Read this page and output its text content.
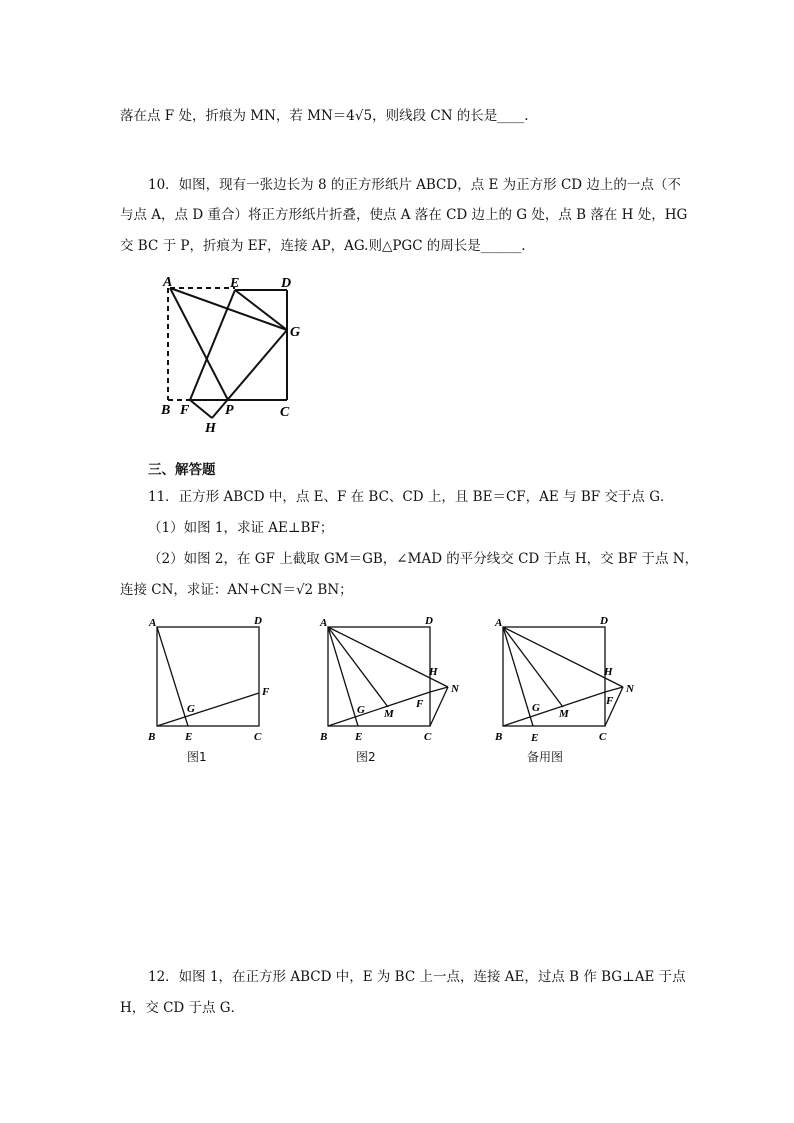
落在点 F 处，折痕为 MN，若 MN＝4√5，则线段 CN 的长是____.
10．如图，现有一张边长为 8 的正方形纸片 ABCD，点 E 为正方形 CD 边上的一点（不
与点 A，点 D 重合）将正方形纸片折叠，使点 A 落在 CD 边上的 G 处，点 B 落在 H 处，HG
交 BC 于 P，折痕为 EF，连接 AP，AG.则△PGC 的周长是______.
A	E	D
G
B F	P	C
H
三、解答题
11．正方形 ABCD 中，点 E、F 在 BC、CD 上，且 BE＝CF，AE 与 BF 交于点 G．
（1）如图 1，求证 AE⊥BF；
（2）如图 2，在 GF 上截取 GM＝GB，∠MAD 的平分线交 CD 于点 H，交 BF 于点 N，
连接 CN，求证：AN+CN＝√2 BN；
A	D
F
G
B	E	C
图1
A	D
H
N
F
G M
B	E	C
图2
A	D
H
N
F
G M
B	E	C
备用图
12．如图 1，在正方形 ABCD 中，E 为 BC 上一点，连接 AE，过点 B 作 BG⊥AE 于点
H，交 CD 于点 G．
